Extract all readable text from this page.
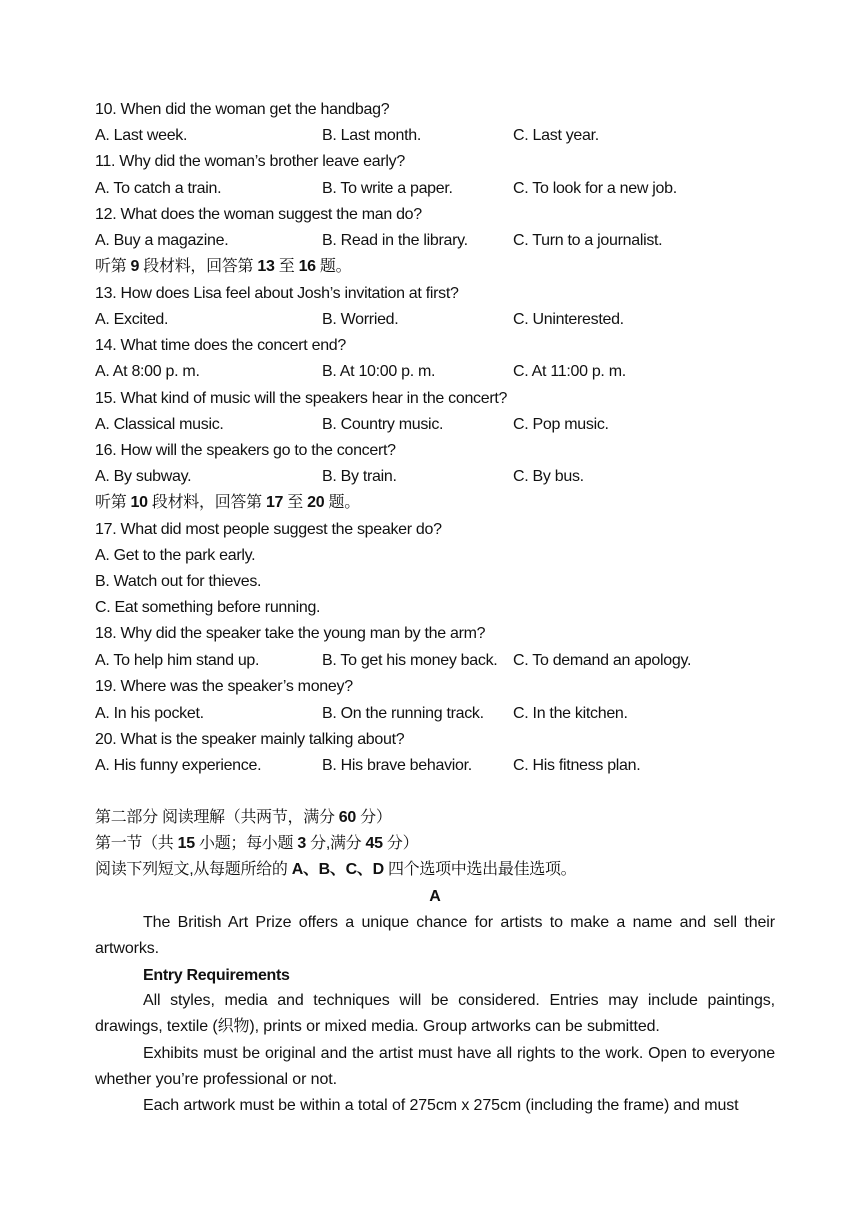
10. When did the woman get the handbag?
A. Last week.	B. Last month.	C. Last year.
11. Why did the woman’s brother leave early?
A. To catch a train.	B. To write a paper.	C. To look for a new job.
12. What does the woman suggest the man do?
A. Buy a magazine.	B. Read in the library.	C. Turn to a journalist.
听第 9 段材料，回答第 13 至 16 题。
13. How does Lisa feel about Josh’s invitation at first?
A. Excited.	B. Worried.	C. Uninterested.
14. What time does the concert end?
A. At 8:00 p. m.	B. At 10:00 p. m.	C. At 11:00 p. m.
15. What kind of music will the speakers hear in the concert?
A. Classical music.	B. Country music.	C. Pop music.
16. How will the speakers go to the concert?
A. By subway.	B. By train.	C. By bus.
听第 10 段材料，回答第 17 至 20 题。
17. What did most people suggest the speaker do?
A. Get to the park early.
B. Watch out for thieves.
C. Eat something before running.
18. Why did the speaker take the young man by the arm?
A. To help him stand up.	B. To get his money back. C. To demand an apology.
19. Where was the speaker’s money?
A. In his pocket.	B. On the running track. C. In the kitchen.
20. What is the speaker mainly talking about?
A. His funny experience.	B. His brave behavior.	C. His fitness plan.
第二部分 阅读理解（共两节，满分 60 分）
第一节（共 15 小题；每小题 3 分,满分 45 分）
阅读下列短文,从每题所给的 A、B、C、D 四个选项中选出最佳选项。
A
The British Art Prize offers a unique chance for artists to make a name and sell their artworks.
Entry Requirements
All styles, media and techniques will be considered. Entries may include paintings, drawings, textile (织物), prints or mixed media. Group artworks can be submitted.
Exhibits must be original and the artist must have all rights to the work. Open to everyone whether you’re professional or not.
Each artwork must be within a total of 275cm x 275cm (including the frame) and must
